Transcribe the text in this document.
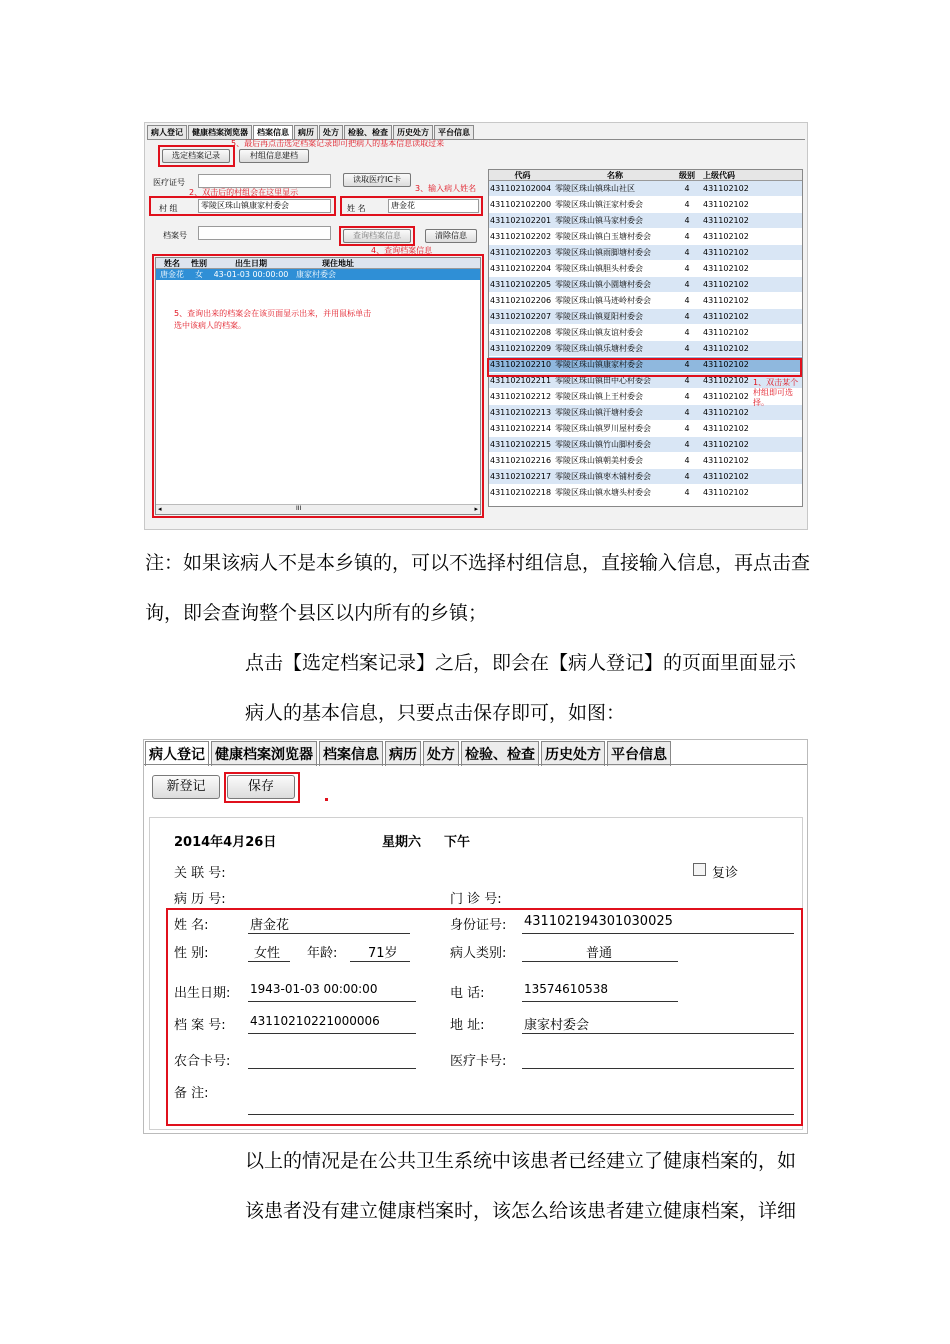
病人登记	健康档案浏览器	档案信息	病历	处方	检验、检查	历史处方	平台信息
5、最后再点击选定档案记录即可把病人的基本信息读取过来
选定档案记录	村组信息建档
医疗证号	读取医疗IC卡
2、双击后的村组会在这里显示
村 组	零陵区珠山镇康家村委会
3、输入病人姓名
姓 名	唐金花
档案号	查询档案信息	清除信息
4、查询档案信息
姓名	性别	出生日期	现住地址
唐金花	女	43-01-03 00:00:00 康家村委会
5、查询出来的档案会在该页面显示出来，并用鼠标单击
选中该病人的档案。
◂	III	▸
代码	名称	级别	上级代码
431102102004 零陵区珠山镇珠山社区	4	431102102
431102102200 零陵区珠山镇汪家村委会	4	431102102
431102102201 零陵区珠山镇马家村委会	4	431102102
431102102202 零陵区珠山镇白玉塘村委会	4	431102102
431102102203 零陵区珠山镇雨脚塘村委会	4	431102102
431102102204 零陵区珠山镇胆头村委会	4	431102102
431102102205 零陵区珠山镇小園塘村委会	4	431102102
431102102206 零陵区珠山镇马迹岭村委会	4	431102102
431102102207 零陵区珠山镇夏阳村委会	4	431102102
431102102208 零陵区珠山镇友谊村委会	4	431102102
431102102209 零陵区珠山镇乐塘村委会	4	431102102
431102102210 零陵区珠山镇康家村委会	4	431102102
431102102211 零陵区珠山镇田中心村委会	4	431102102
431102102212 零陵区珠山镇上王村委会	4	431102102
431102102213 零陵区珠山镇汗塘村委会	4	431102102
431102102214 零陵区珠山镇罗川屋村委会	4	431102102
431102102215 零陵区珠山镇竹山脚村委会	4	431102102
431102102216 零陵区珠山镇朝美村委会	4	431102102
431102102217 零陵区珠山镇枣木铺村委会	4	431102102
431102102218 零陵区珠山镇水塘头村委会	4	431102102
1、双击某个
村组即可选
择。
注：如果该病人不是本乡镇的，可以不选择村组信息，直接输入信息，再点击查
询，即会查询整个县区以内所有的乡镇；
点击【选定档案记录】之后，即会在【病人登记】的页面里面显示
病人的基本信息，只要点击保存即可，如图：
以上的情况是在公共卫生系统中该患者已经建立了健康档案的，如
该患者没有建立健康档案时，该怎么给该患者建立健康档案，详细
病人登记 健康档案浏览器 档案信息 病历 处方 检验、检查 历史处方 平台信息
新登记	保存
2014年4月26日	星期六 下午
关 联 号:	复诊
病 历 号:	门 诊 号:
姓 名:	唐金花	身份证号: 431102194301030025
性 别:	女性 年龄: 71岁	病人类别:	普通
出生日期: 1943-01-03 00:00:00	电 话:	13574610538
档 案 号: 43110210221000006	地 址:	康家村委会
农合卡号:	医疗卡号:
备 注:
